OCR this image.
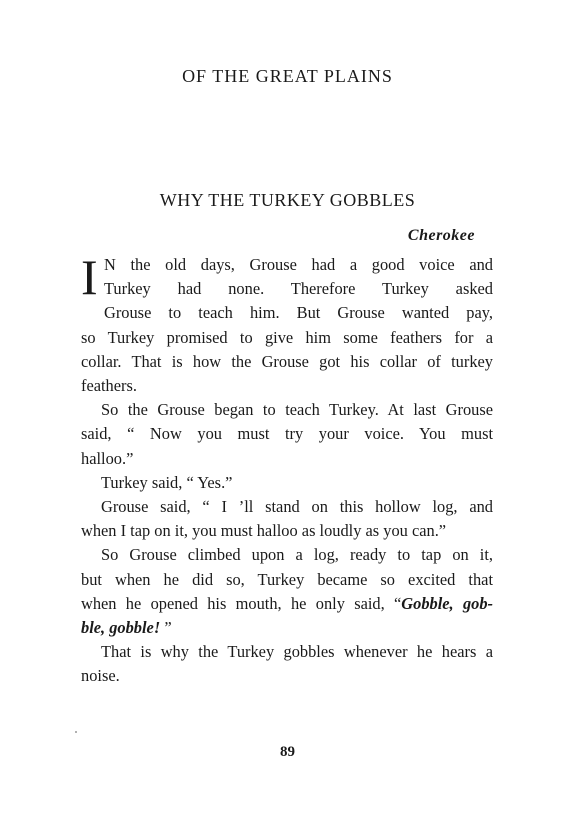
OF THE GREAT PLAINS
WHY THE TURKEY GOBBLES
Cherokee
I N the old days, Grouse had a good voice and
Turkey had none. Therefore Turkey asked
Grouse to teach him. But Grouse wanted pay,
so Turkey promised to give him some feathers for a
collar. That is how the Grouse got his collar of turkey
feathers.
So the Grouse began to teach Turkey. At last Grouse
said, “ Now you must try your voice. You must
halloo.”
Turkey said, “ Yes.”
Grouse said, “ I ’ll stand on this hollow log, and
when I tap on it, you must halloo as loudly as you can.”
So Grouse climbed upon a log, ready to tap on it,
but when he did so, Turkey became so excited that
when he opened his mouth, he only said, “Gobble, gob-
ble, gobble! ”
That is why the Turkey gobbles whenever he hears a
noise.
89
